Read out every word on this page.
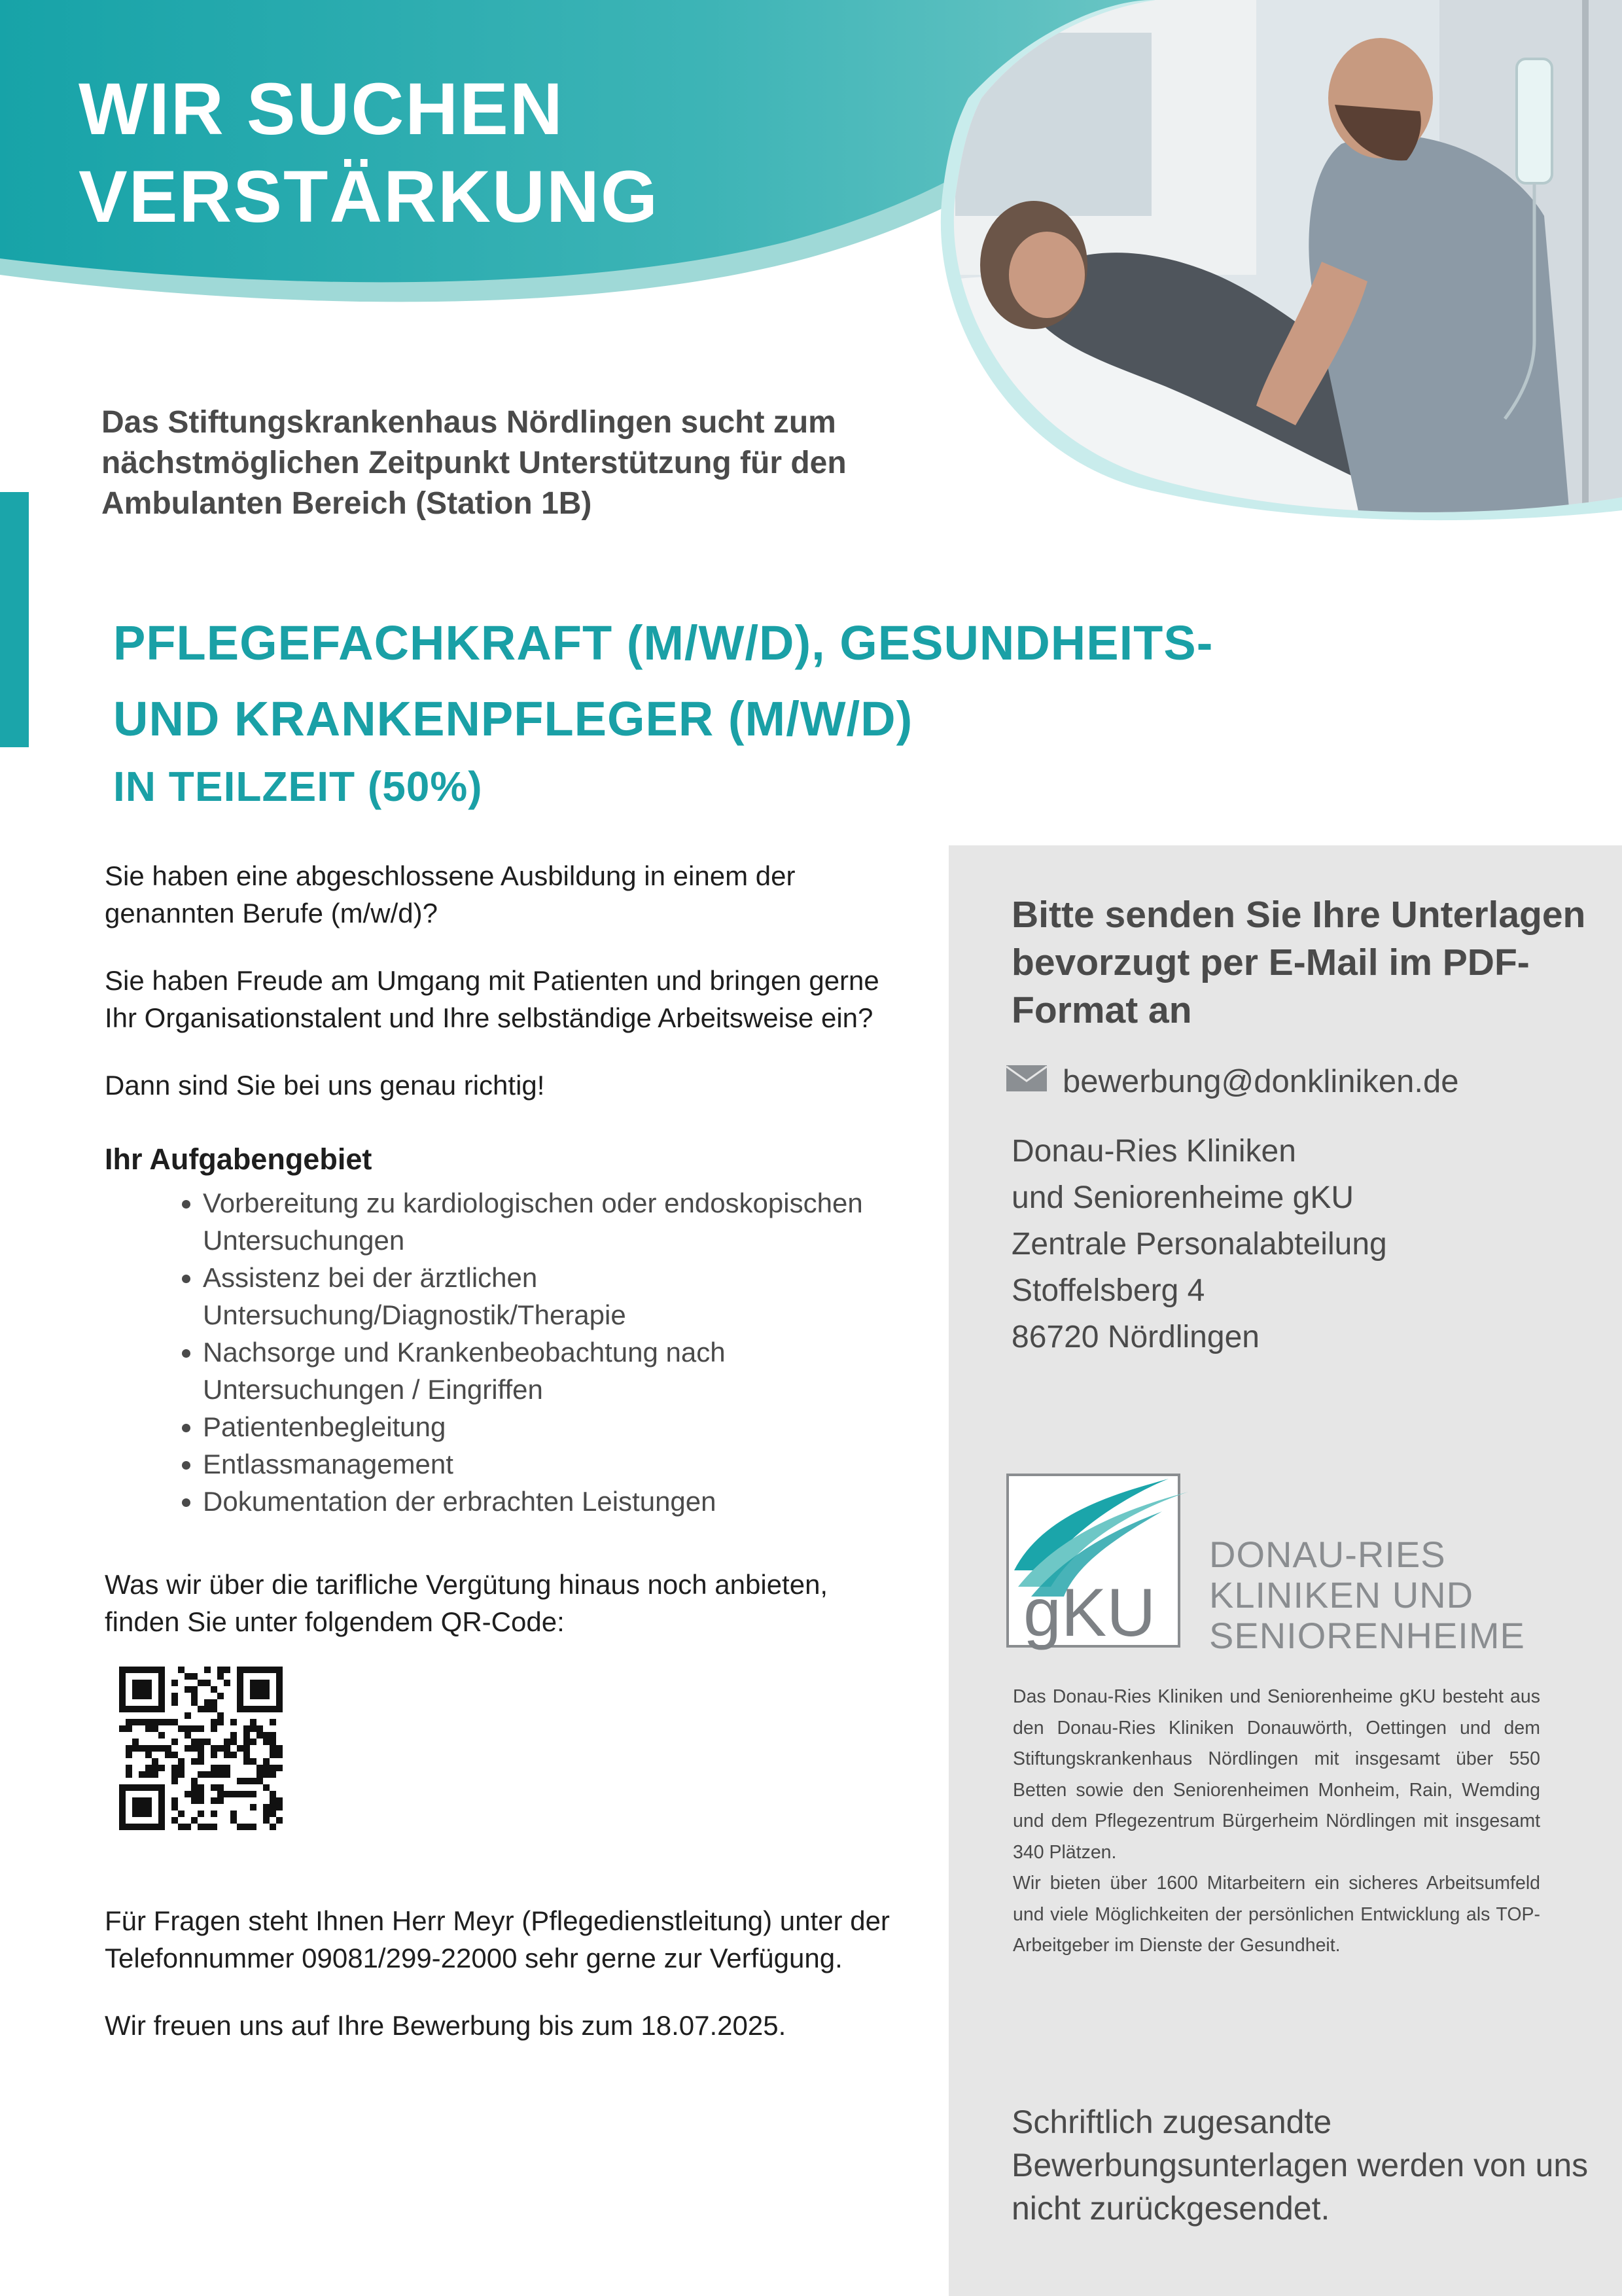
WIR SUCHEN
VERSTÄRKUNG

Das Stiftungskrankenhaus Nördlingen sucht zum nächstmöglichen Zeitpunkt Unterstützung für den Ambulanten Bereich (Station 1B)

PFLEGEFACHKRAFT (M/W/D), GESUNDHEITS-
UND KRANKENPFLEGER (M/W/D)
IN TEILZEIT (50%)

Sie haben eine abgeschlossene Ausbildung in einem der genannten Berufe (m/w/d)?

Sie haben Freude am Umgang mit Patienten und bringen gerne Ihr Organisationstalent und Ihre selbständige Arbeitsweise ein?

Dann sind Sie bei uns genau richtig!

Ihr Aufgabengebiet
• Vorbereitung zu kardiologischen oder endoskopischen Untersuchungen
• Assistenz bei der ärztlichen Untersuchung/Diagnostik/Therapie
• Nachsorge und Krankenbeobachtung nach Untersuchungen / Eingriffen
• Patientenbegleitung
• Entlassmanagement
• Dokumentation der erbrachten Leistungen

Was wir über die tarifliche Vergütung hinaus noch anbieten, finden Sie unter folgendem QR-Code:

Für Fragen steht Ihnen Herr Meyr (Pflegedienstleitung) unter der Telefonnummer 09081/299-22000 sehr gerne zur Verfügung.

Wir freuen uns auf Ihre Bewerbung bis zum 18.07.2025.

Bitte senden Sie Ihre Unterlagen bevorzugt per E-Mail im PDF-Format an
bewerbung@donkliniken.de
Donau-Ries Kliniken
und Seniorenheime gKU
Zentrale Personalabteilung
Stoffelsberg 4
86720 Nördlingen
gKU
DONAU-RIES
KLINIKEN UND
SENIORENHEIME

Das Donau-Ries Kliniken und Seniorenheime gKU besteht aus den Donau-Ries Kliniken Donauwörth, Oettingen und dem Stiftungskrankenhaus Nördlingen mit insgesamt über 550 Betten sowie den Seniorenheimen Monheim, Rain, Wemding und dem Pflegezentrum Bürgerheim Nördlingen mit insgesamt 340 Plätzen.

Wir bieten über 1600 Mitarbeitern ein sicheres Arbeitsumfeld und viele Möglichkeiten der persönlichen Entwicklung als TOP-Arbeitgeber im Dienste der Gesundheit.

Schriftlich zugesandte Bewerbungsunterlagen werden von uns nicht zurückgesendet.
